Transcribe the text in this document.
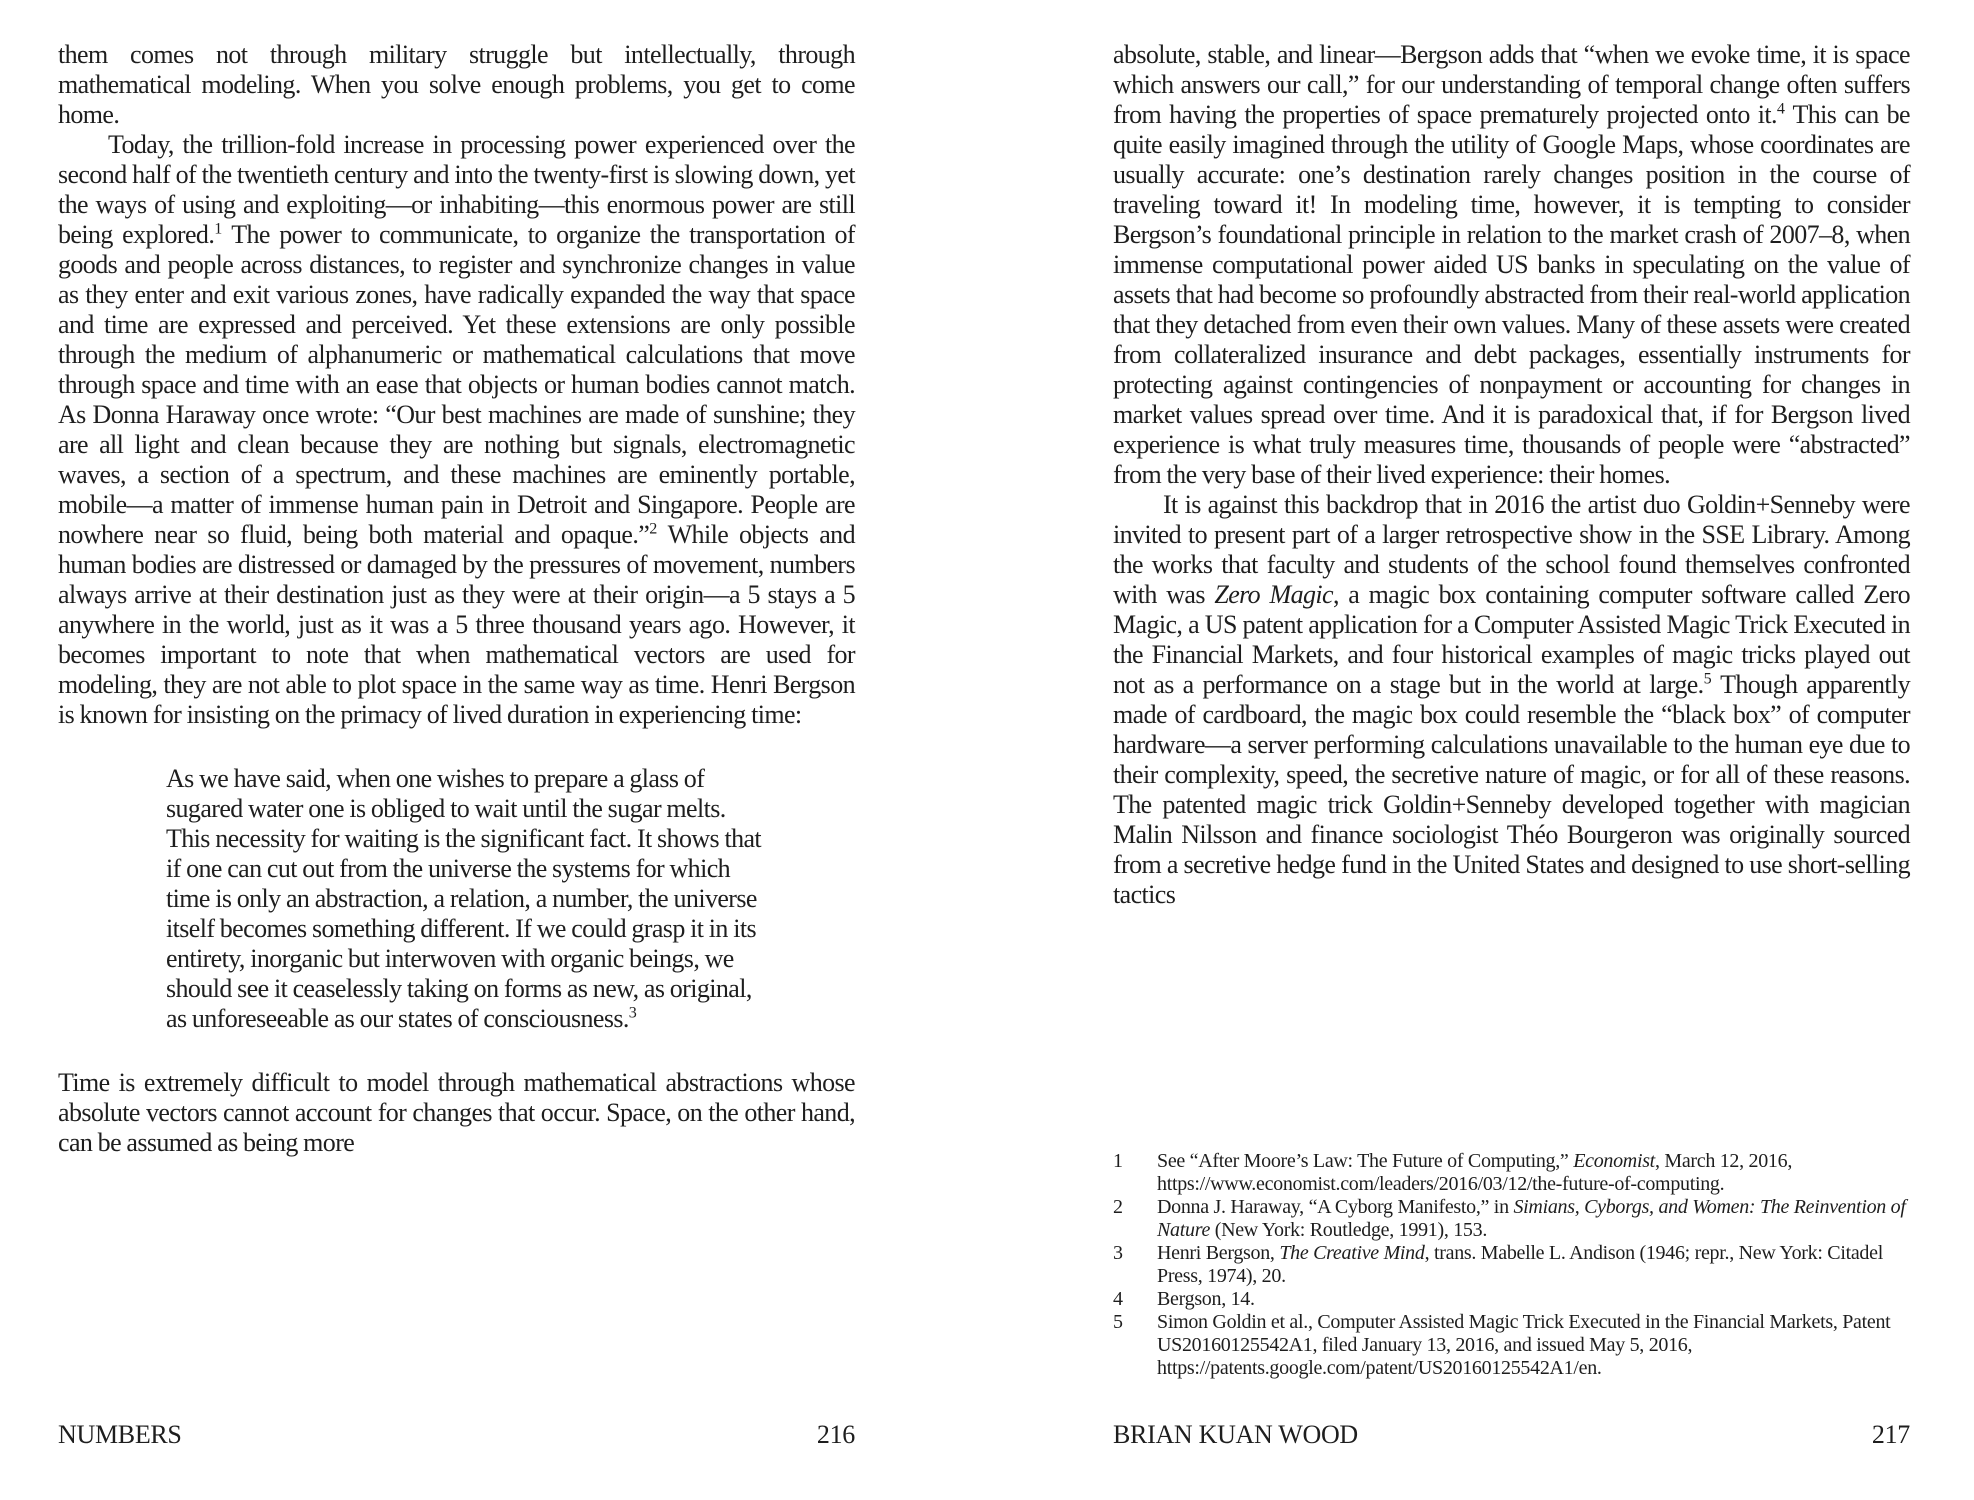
them comes not through military struggle but intellectually, through mathematical modeling. When you solve enough problems, you get to come home.

Today, the trillion-fold increase in processing power experienced over the second half of the twentieth century and into the twenty-first is slowing down, yet the ways of using and exploiting—or inhabiting—this enormous power are still being explored.$^1$ The power to communicate, to organize the transportation of goods and people across distances, to register and synchronize changes in value as they enter and exit various zones, have radically expanded the way that space and time are expressed and perceived. Yet these extensions are only possible through the medium of alphanumeric or mathematical calculations that move through space and time with an ease that objects or human bodies cannot match. As Donna Haraway once wrote: “Our best machines are made of sunshine; they are all light and clean because they are nothing but signals, electromagnetic waves, a section of a spectrum, and these machines are eminently portable, mobile—a matter of immense human pain in Detroit and Singapore. People are nowhere near so fluid, being both material and opaque.”$^2$ While objects and human bodies are distressed or damaged by the pressures of movement, numbers always arrive at their destination just as they were at their origin—a 5 stays a 5 anywhere in the world, just as it was a 5 three thousand years ago. However, it becomes important to note that when mathematical vectors are used for modeling, they are not able to plot space in the same way as time. Henri Bergson is known for insisting on the primacy of lived duration in experiencing time:

As we have said, when one wishes to prepare a glass of sugared water one is obliged to wait until the sugar melts. This necessity for waiting is the significant fact. It shows that if one can cut out from the universe the systems for which time is only an abstraction, a relation, a number, the universe itself becomes something different. If we could grasp it in its entirety, inorganic but interwoven with organic beings, we should see it ceaselessly taking on forms as new, as original, as unforeseeable as our states of consciousness.$^3$

Time is extremely difficult to model through mathematical abstractions whose absolute vectors cannot account for changes that occur. Space, on the other hand, can be assumed as being more

NUMBERS	216

absolute, stable, and linear—Bergson adds that “when we evoke time, it is space which answers our call,” for our understanding of temporal change often suffers from having the properties of space prematurely projected onto it.$^4$ This can be quite easily imagined through the utility of Google Maps, whose coordinates are usually accurate: one’s destination rarely changes position in the course of traveling toward it! In modeling time, however, it is tempting to consider Bergson’s foundational principle in relation to the market crash of 2007–8, when immense computational power aided US banks in speculating on the value of assets that had become so profoundly abstracted from their real-world application that they detached from even their own values. Many of these assets were created from collateralized insurance and debt packages, essentially instruments for protecting against contingencies of nonpayment or accounting for changes in market values spread over time. And it is paradoxical that, if for Bergson lived experience is what truly measures time, thousands of people were “abstracted” from the very base of their lived experience: their homes.

It is against this backdrop that in 2016 the artist duo Goldin+Senneby were invited to present part of a larger retrospective show in the SSE Library. Among the works that faculty and students of the school found themselves confronted with was Zero Magic, a magic box containing computer software called Zero Magic, a US patent application for a Computer Assisted Magic Trick Executed in the Financial Markets, and four historical examples of magic tricks played out not as a performance on a stage but in the world at large.$^5$ Though apparently made of cardboard, the magic box could resemble the “black box” of computer hardware—a server performing calculations unavailable to the human eye due to their complexity, speed, the secretive nature of magic, or for all of these reasons. The patented magic trick Goldin+Senneby developed together with magician Malin Nilsson and finance sociologist Théo Bourgeron was originally sourced from a secretive hedge fund in the United States and designed to use short-selling tactics

1	See “After Moore’s Law: The Future of Computing,” Economist, March 12, 2016, https://www.economist.com/leaders/2016/03/12/the-future-of-computing.
2	Donna J. Haraway, “A Cyborg Manifesto,” in Simians, Cyborgs, and Women: The Reinvention of Nature (New York: Routledge, 1991), 153.
3	Henri Bergson, The Creative Mind, trans. Mabelle L. Andison (1946; repr., New York: Citadel Press, 1974), 20.
4	Bergson, 14.
5	Simon Goldin et al., Computer Assisted Magic Trick Executed in the Financial Markets, Patent US20160125542A1, filed January 13, 2016, and issued May 5, 2016, https://patents.google.com/patent/US20160125542A1/en.
BRIAN KUAN WOOD	217
